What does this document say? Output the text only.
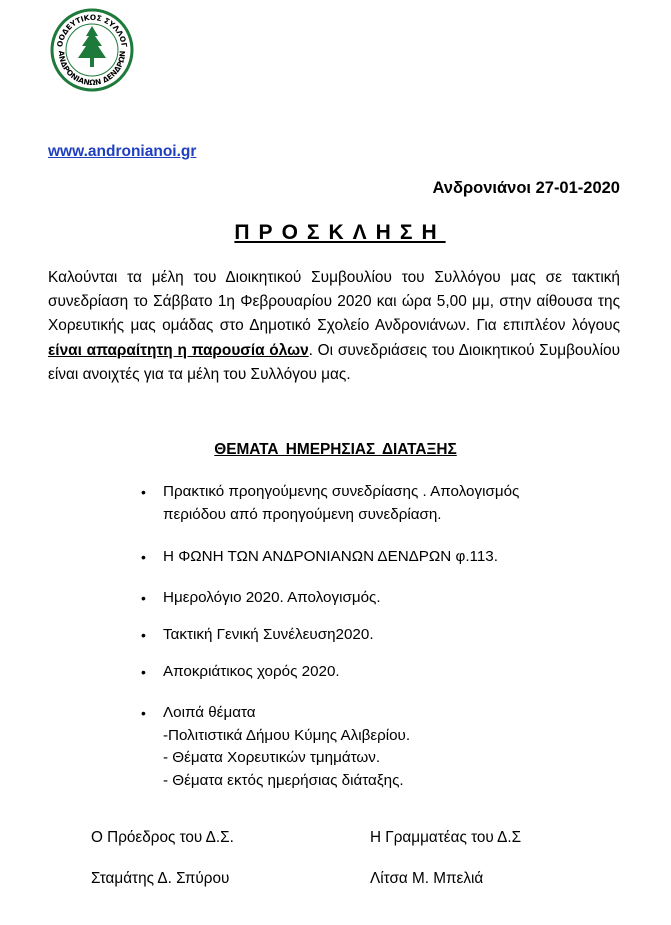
ΟΟΔΕΥΤΙΚΟΣ ΣΥΛΛΟΓ
ΑΝΔΡΟΝΙΑΝΩΝ ΔΕΝΔΡΩΝ
www.andronianoi.gr
Ανδρονιάνοι 27-01-2020
ΠΡΟΣΚΛΗΣΗ
Καλούνται τα μέλη του Διοικητικού Συμβουλίου του Συλλόγου μας σε τακτική συνεδρίαση το Σάββατο 1η Φεβρουαρίου 2020 και ώρα 5,00 μμ, στην αίθουσα της Χορευτικής μας ομάδας στο Δημοτικό Σχολείο Ανδρονιάνων. Για επιπλέον λόγους είναι απαραίτητη η παρουσία όλων. Οι συνεδριάσεις του Διοικητικού Συμβουλίου είναι ανοιχτές για τα μέλη του Συλλόγου μας.
ΘΕΜΑΤΑ ΗΜΕΡΗΣΙΑΣ ΔΙΑΤΑΞΗΣ
• Πρακτικό προηγούμενης συνεδρίασης . Απολογισμός
περιόδου από προηγούμενη συνεδρίαση.
• Η ΦΩΝΗ ΤΩΝ ΑΝΔΡΟΝΙΑΝΩΝ ΔΕΝΔΡΩΝ φ.113.
• Ημερολόγιο 2020. Απολογισμός.
• Τακτική Γενική Συνέλευση2020.
• Αποκριάτικος χορός 2020.
• Λοιπά θέματα
-Πολιτιστικά Δήμου Κύμης Αλιβερίου.
- Θέματα Χορευτικών τμημάτων.
- Θέματα εκτός ημερήσιας διάταξης.
Ο Πρόεδρος του Δ.Σ.	Η Γραμματέας του Δ.Σ
Σταμάτης Δ. Σπύρου	Λίτσα Μ. Μπελιά
